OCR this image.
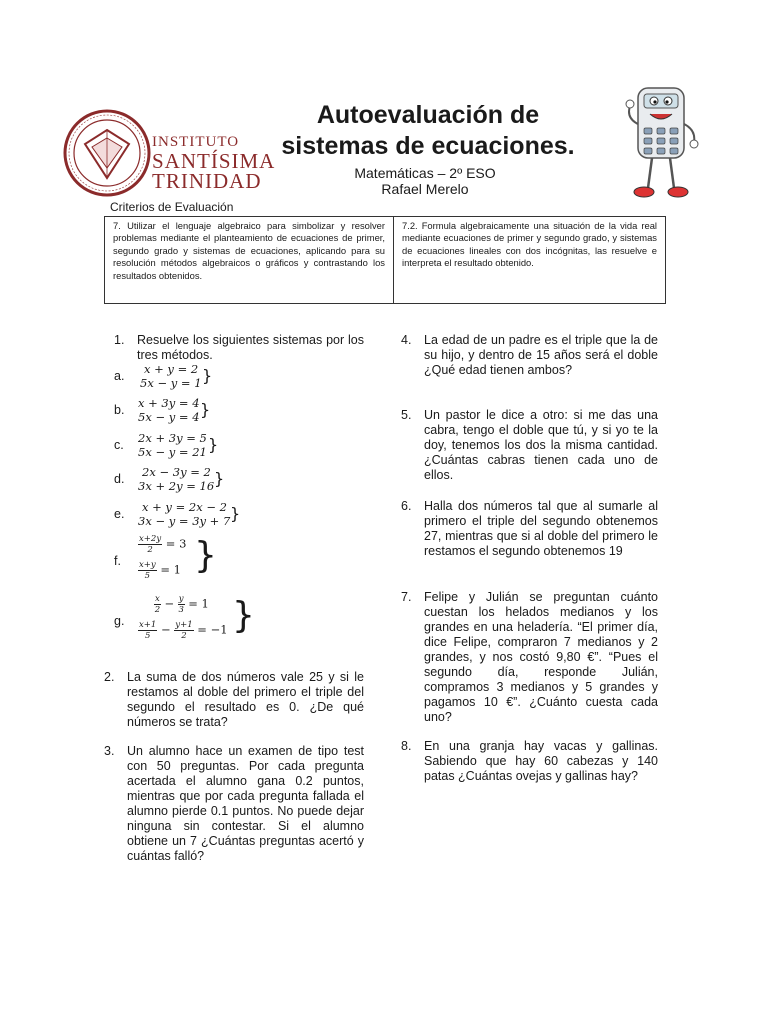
INSTITUTO
SANTÍSIMA
TRINIDAD
Autoevaluación de
sistemas de ecuaciones.
Matemáticas – 2º ESO
Rafael Merelo
Criterios de Evaluación
7. Utilizar el lenguaje algebraico para simbolizar y resolver problemas mediante el planteamiento de ecuaciones de primer, segundo grado y sistemas de ecuaciones, aplicando para su resolución métodos algebraicos o gráficos y contrastando los resultados obtenidos.
7.2. Formula algebraicamente una situación de la vida real mediante ecuaciones de primer y segundo grado, y sistemas de ecuaciones lineales con dos incógnitas, las resuelve e interpreta el resultado obtenido.
1. Resuelve los siguientes sistemas por los tres métodos.
a. x + y = 2
5x − y = 1 }
b. x + 3y = 4
5x − y = 4 }
c. 2x + 3y = 5
5x − y = 21 }
d. 2x − 3y = 2
3x + 2y = 16 }
e. x + y = 2x − 2
3x − y = 3y + 7 }
f.
$\frac{x+2y}{2} = 3$
$\frac{x+y}{5} = 1$ }
g.
$\frac{x}{2} - \frac{y}{3} = 1$
$\frac{x+1}{5} - \frac{y+1}{2} = -1$ }
2. La suma de dos números vale 25 y si le restamos al doble del primero el triple del segundo el resultado es 0. ¿De qué números se trata?
3. Un alumno hace un examen de tipo test con 50 preguntas. Por cada pregunta acertada el alumno gana 0.2 puntos, mientras que por cada pregunta fallada el alumno pierde 0.1 puntos. No puede dejar ninguna sin contestar. Si el alumno obtiene un 7 ¿Cuántas preguntas acertó y cuántas falló?
4. La edad de un padre es el triple que la de su hijo, y dentro de 15 años será el doble ¿Qué edad tienen ambos?
5. Un pastor le dice a otro: si me das una cabra, tengo el doble que tú, y si yo te la doy, tenemos los dos la misma cantidad. ¿Cuántas cabras tienen cada uno de ellos.
6. Halla dos números tal que al sumarle al primero el triple del segundo obtenemos 27, mientras que si al doble del primero le restamos el segundo obtenemos 19
7. Felipe y Julián se preguntan cuánto cuestan los helados medianos y los grandes en una heladería. “El primer día, dice Felipe, compraron 7 medianos y 2 grandes, y nos costó 9,80 €”. “Pues el segundo día, responde Julián, compramos 3 medianos y 5 grandes y pagamos 10 €”. ¿Cuánto cuesta cada uno?
8. En una granja hay vacas y gallinas. Sabiendo que hay 60 cabezas y 140 patas ¿Cuántas ovejas y gallinas hay?
